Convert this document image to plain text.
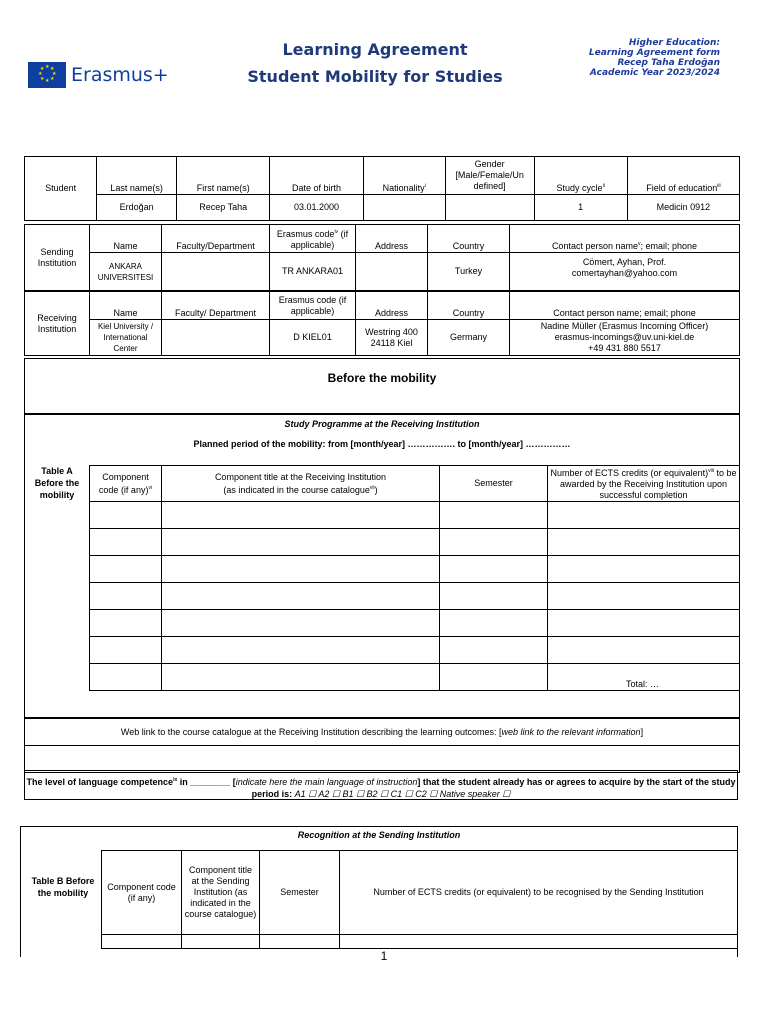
★ ★
★
★
★
★
★
★ Erasmus+
Learning Agreement
Student Mobility for Studies
Higher Education:
Learning Agreement form
Recep Taha Erdoğan
Academic Year 2023/2024
Student	Last name(s)	First name(s)	Date of birth	Nationality$^i$	Gender [Male/Female/Un defined]	Study cycle$^{ii}$	Field of education$^{iii}$
	Erdoğan	Recep Taha	03.01.2000			1	Medicin 0912
Sending Institution	Name	Faculty/Department	Erasmus code$^{iv}$ (if applicable)	Address	Country	Contact person name$^v$; email; phone
	ANKARA UNIVERSITESI		TR ANKARA01		Turkey	Cömert, Ayhan, Prof.
comertayhan@yahoo.com
Receiving Institution	Name	Faculty/ Department	Erasmus code (if applicable)	Address	Country	Contact person name; email; phone
	Kiel University / International Center		D KIEL01	Westring 400 24118 Kiel	Germany	Nadine Müller (Erasmus Incoming Officer)
erasmus-incomings@uv.uni-kiel.de
+49 431 880 5517
Before the mobility
Study Programme at the Receiving Institution
Planned period of the mobility: from [month/year] ……………. to [month/year] ……………
Table A Before the mobility
Component code (if any)$^{vi}$	Component title at the Receiving Institution
(as indicated in the course catalogue$^{vii}$)	Semester	Number of ECTS credits (or equivalent)$^{viii}$ to be awarded by the Receiving Institution upon successful completion

			Total: …
Web link to the course catalogue at the Receiving Institution describing the learning outcomes: [web link to the relevant information]
The level of language competence$^{ix}$ in ________ [indicate here the main language of instruction] that the student already has or agrees to acquire by the start of the study period is: A1 ☐ A2 ☐ B1 ☐ B2 ☐ C1 ☐ C2 ☐ Native speaker ☐
Recognition at the Sending Institution
Table B Before the mobility
Component code (if any)	Component title at the Sending Institution (as indicated in the course catalogue)	Semester	Number of ECTS credits (or equivalent) to be recognised by the Sending Institution

1
